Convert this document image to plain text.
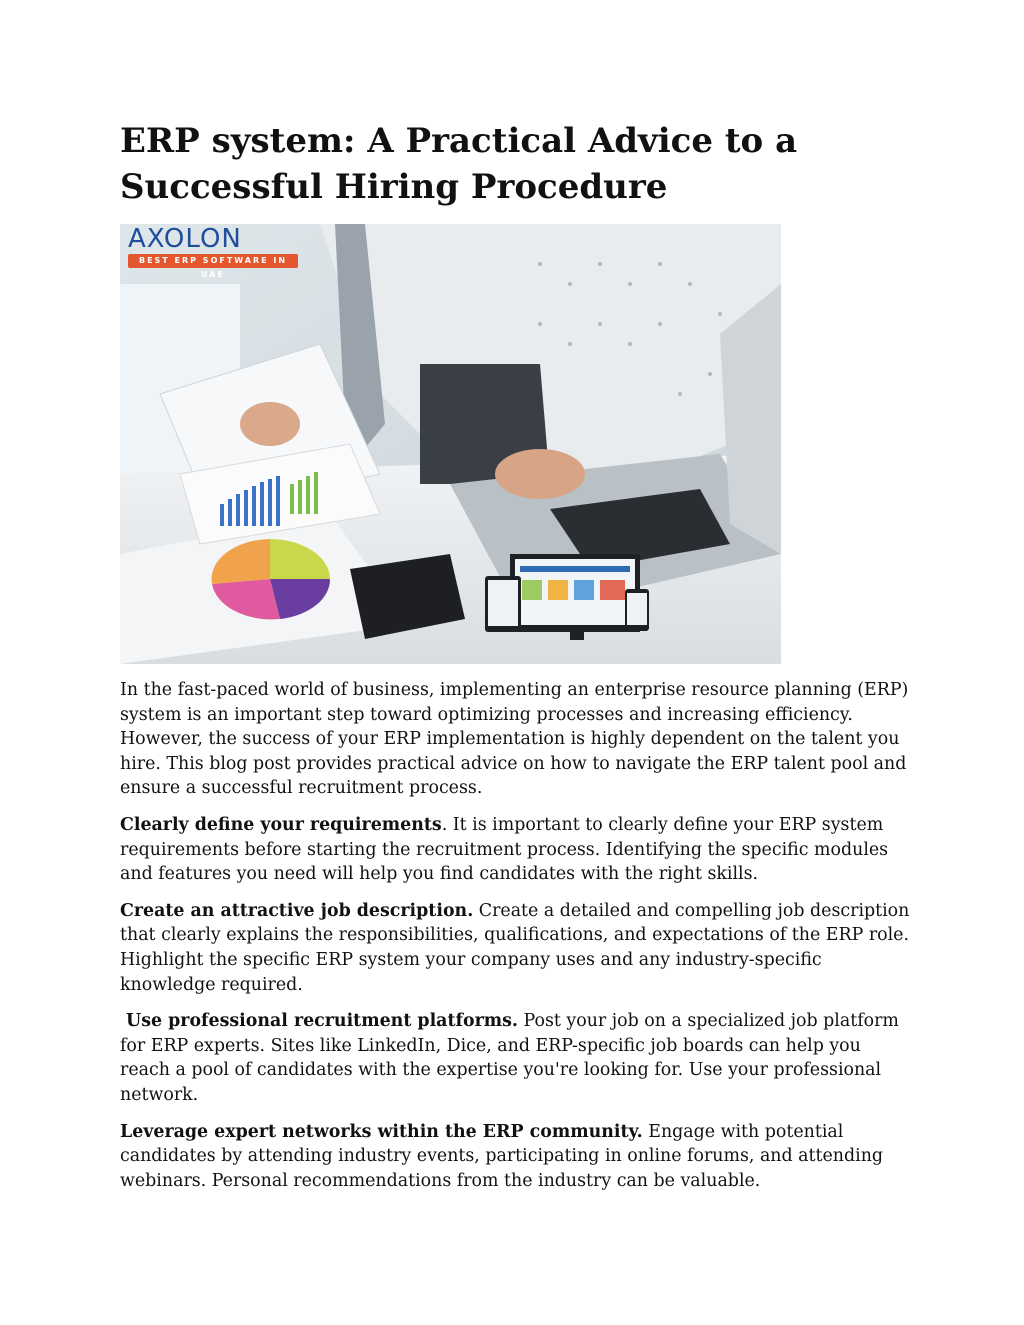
ERP system: A Practical Advice to a Successful Hiring Procedure
AXOLON
BEST ERP SOFTWARE IN UAE

In the fast-paced world of business, implementing an enterprise resource planning (ERP) system is an important step toward optimizing processes and increasing efficiency. However, the success of your ERP implementation is highly dependent on the talent you hire. This blog post provides practical advice on how to navigate the ERP talent pool and ensure a successful recruitment process.

Clearly define your requirements. It is important to clearly define your ERP system requirements before starting the recruitment process. Identifying the specific modules and features you need will help you find candidates with the right skills.

Create an attractive job description. Create a detailed and compelling job description that clearly explains the responsibilities, qualifications, and expectations of the ERP role. Highlight the specific ERP system your company uses and any industry-specific knowledge required.

Use professional recruitment platforms. Post your job on a specialized job platform for ERP experts. Sites like LinkedIn, Dice, and ERP-specific job boards can help you reach a pool of candidates with the expertise you're looking for. Use your professional network.

Leverage expert networks within the ERP community. Engage with potential candidates by attending industry events, participating in online forums, and attending webinars. Personal recommendations from the industry can be valuable.
